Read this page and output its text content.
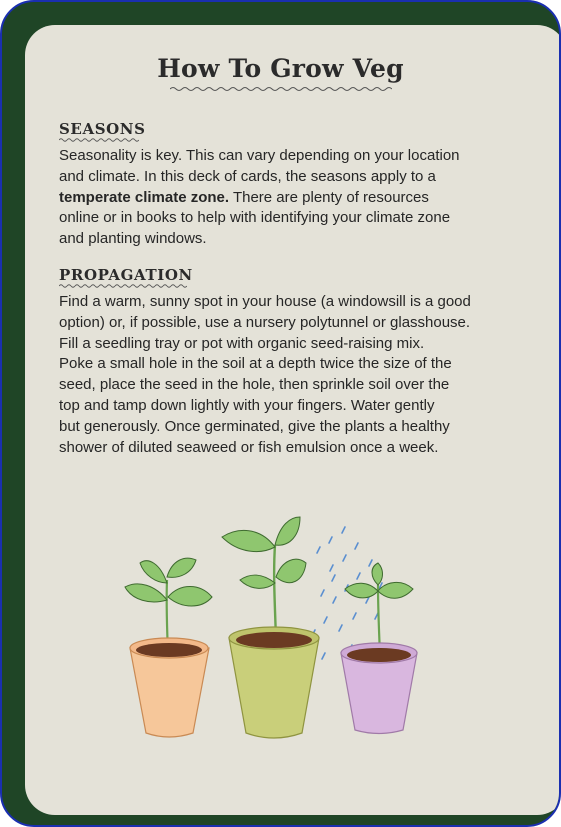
How To Grow Veg
SEASONS
Seasonality is key. This can vary depending on your location
and climate. In this deck of cards, the seasons apply to a
temperate climate zone. There are plenty of resources
online or in books to help with identifying your climate zone
and planting windows.
PROPAGATION
Find a warm, sunny spot in your house (a windowsill is a good
option) or, if possible, use a nursery polytunnel or glasshouse.
Fill a seedling tray or pot with organic seed-raising mix.
Poke a small hole in the soil at a depth twice the size of the
seed, place the seed in the hole, then sprinkle soil over the
top and tamp down lightly with your fingers. Water gently
but generously. Once germinated, give the plants a healthy
shower of diluted seaweed or fish emulsion once a week.
